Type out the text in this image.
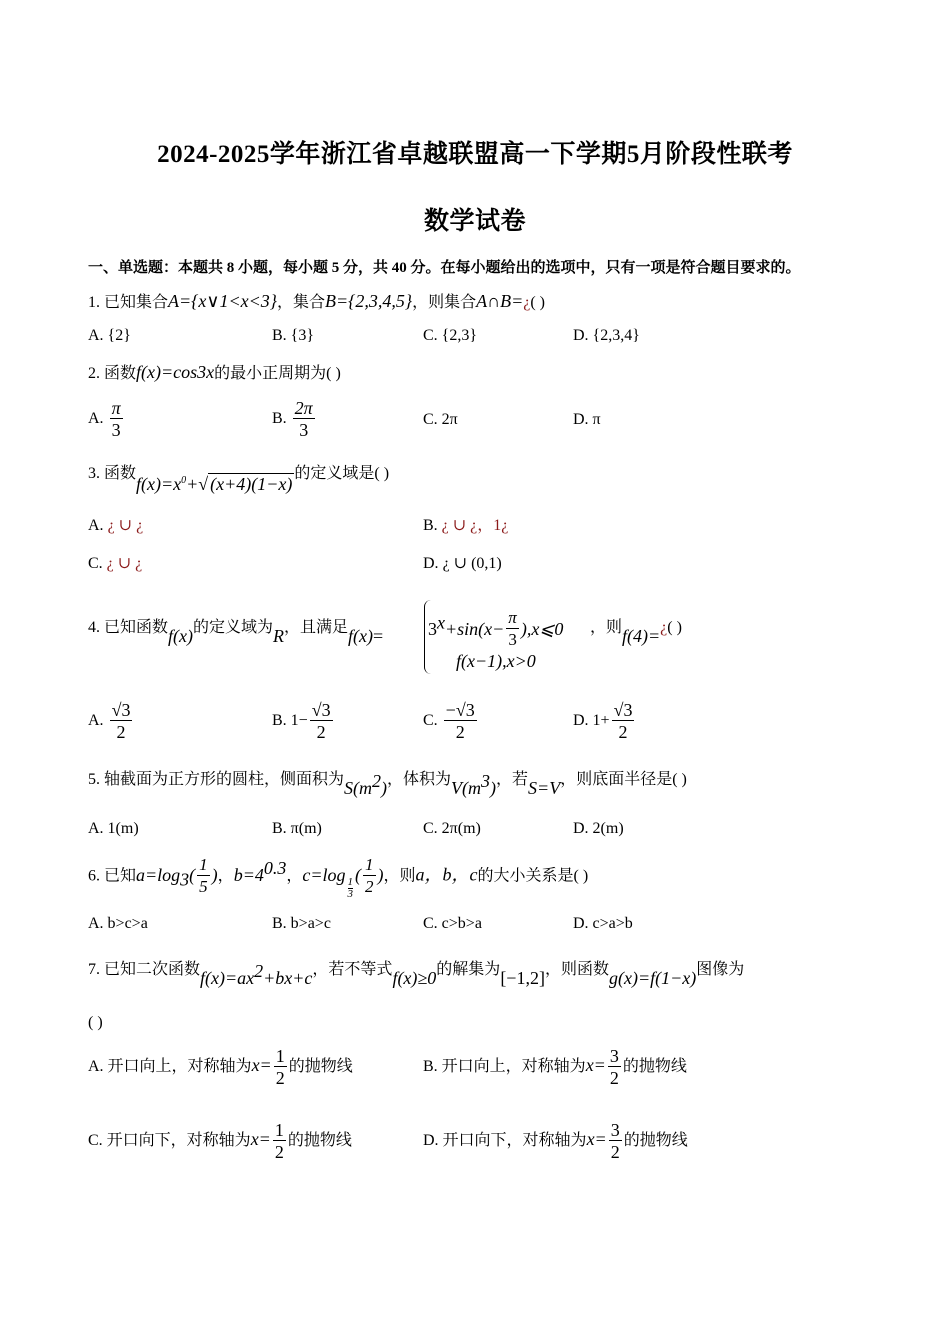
2024-2025学年浙江省卓越联盟高一下学期5月阶段性联考
数学试卷
一、单选题：本题共 8 小题，每小题 5 分，共 40 分。在每小题给出的选项中，只有一项是符合题目要求的。
1. 已知集合A={x∨1<x<3}，集合B={2,3,4,5}，则集合A∩B=¿( )
A. {2}	B. {3}	C. {2,3}	D. {2,3,4}
2. 函数f(x)=cos3x的最小正周期为( )
A. $\frac{\pi}{3}$	B. $\frac{2\pi}{3}$	C. 2π	D. π
3. 函数$f(x)=x^0+√$ (x+4)(1−x)的定义域是( )
A. ¿ ∪ ¿	B. ¿ ∪ ¿，1¿
C. ¿ ∪ ¿	D. ¿ ∪ (0,1)
4. 已知函数f(x)的定义域为R，且满足$f(x)= 3^x+\sin(x- \frac{\pi}{3}$ ),x⩽0
f(x−1),x>0
，则f(4)=¿( )
A. $\frac{√3}{2}$	B. $1- \frac{√3}{2}$	C. $\frac{-√3}{2}$	D. $1+ \frac{√3}{2}$
5. 轴截面为正方形的圆柱，侧面积为$S(m^2)$，体积为$V(m^3)$，若S=V，则底面半径是( )
A. 1(m)	B. π(m)	C. 2π(m)	D. 2(m)
6. 已知$a=\log_3( \frac{1}{5}$ )，$b=4^{0.3}$，c=log
$\frac{1}{3}$
( $\frac{1}{2}$ )，则a，b，c的大小关系是( )
A. b>c>a	B. b>a>c	C. c>b>a	D. c>a>b
7. 已知二次函数$f(x)=ax^2+bx+c$，若不等式f(x)≥0的解集为[−1,2]，则函数g(x)=f(1−x)图像为
( )
A. 开口向上，对称轴为$x= \frac{1}{2}$ 的抛物线	B. 开口向上，对称轴为$x= \frac{3}{2}$ 的抛物线
C. 开口向下，对称轴为$x= \frac{1}{2}$ 的抛物线	D. 开口向下，对称轴为$x= \frac{3}{2}$ 的抛物线
